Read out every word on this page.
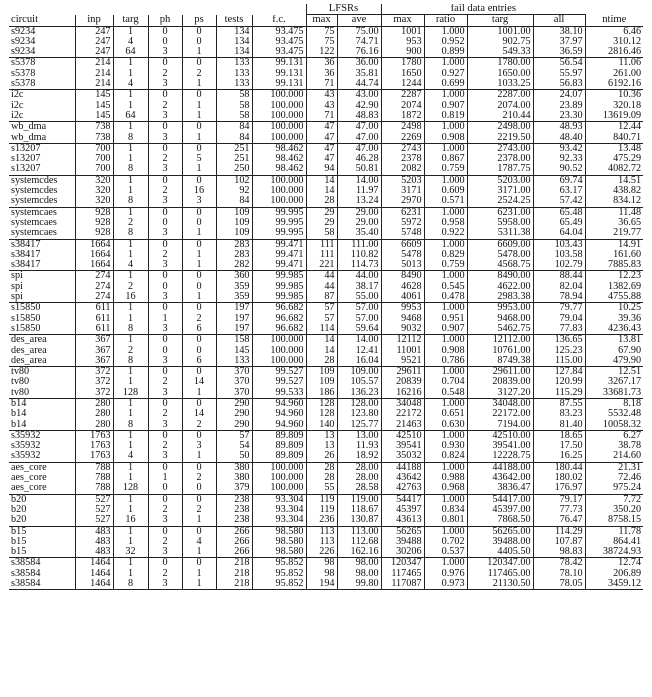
							LFSRs		fail data entries				
circuit	inp	targ	ph	ps	tests	f.c.	max	ave	max	ratio	targ	all	ntime
s9234	247	1	0	0	134	93.475	75	75.00	1001	1.000	1001.00	38.10	6.46
s9234	247	4	0	0	134	93.475	75	74.71	953	0.952	902.75	37.97	310.12
s9234	247	64	3	1	134	93.475	122	76.16	900	0.899	549.33	36.59	2816.46
s5378	214	1	0	0	133	99.131	36	36.00	1780	1.000	1780.00	56.54	11.06
s5378	214	1	2	2	133	99.131	36	35.81	1650	0.927	1650.00	55.97	261.00
s5378	214	4	3	1	133	99.131	71	44.74	1244	0.699	1033.25	56.83	6192.16
i2c	145	1	0	0	58	100.000	43	43.00	2287	1.000	2287.00	24.07	10.36
i2c	145	1	2	1	58	100.000	43	42.90	2074	0.907	2074.00	23.89	320.18
i2c	145	64	3	1	58	100.000	71	48.83	1872	0.819	210.44	23.30	13619.09
wb_dma	738	1	0	0	84	100.000	47	47.00	2498	1.000	2498.00	48.93	12.44
wb_dma	738	8	3	1	84	100.000	47	47.00	2269	0.908	2219.50	48.40	840.71
s13207	700	1	0	0	251	98.462	47	47.00	2743	1.000	2743.00	93.42	13.48
s13207	700	1	2	5	251	98.462	47	46.28	2378	0.867	2378.00	92.33	475.29
s13207	700	8	3	1	250	98.462	94	50.81	2082	0.759	1787.75	90.52	4082.72
systemcdes	320	1	0	0	102	100.000	14	14.00	5203	1.000	5203.00	69.74	14.51
systemcdes	320	1	2	16	92	100.000	14	11.97	3171	0.609	3171.00	63.17	438.82
systemcdes	320	8	3	3	84	100.000	28	13.24	2970	0.571	2524.25	57.42	834.12
systemcaes	928	1	0	0	109	99.995	29	29.00	6231	1.000	6231.00	65.48	11.48
systemcaes	928	2	0	0	109	99.995	29	29.00	5972	0.958	5958.00	65.49	36.65
systemcaes	928	8	3	1	109	99.995	58	35.40	5748	0.922	5311.38	64.04	219.77
s38417	1664	1	0	0	283	99.471	111	111.00	6609	1.000	6609.00	103.43	14.91
s38417	1664	1	2	1	283	99.471	111	110.82	5478	0.829	5478.00	103.58	161.60
s38417	1664	4	3	1	282	99.471	221	114.73	5013	0.759	4568.75	102.79	7885.83
spi	274	1	0	0	360	99.985	44	44.00	8490	1.000	8490.00	88.44	12.23
spi	274	2	0	0	359	99.985	44	38.17	4628	0.545	4622.00	82.04	1382.69
spi	274	16	3	1	359	99.985	87	55.00	4061	0.478	2983.38	78.94	4755.88
s15850	611	1	0	0	197	96.682	57	57.00	9953	1.000	9953.00	79.77	10.25
s15850	611	1	1	2	197	96.682	57	57.00	9468	0.951	9468.00	79.04	39.36
s15850	611	8	3	6	197	96.682	114	59.64	9032	0.907	5462.75	77.83	4236.43
des_area	367	1	0	0	158	100.000	14	14.00	12112	1.000	12112.00	136.65	13.81
des_area	367	2	0	0	145	100.000	14	12.41	11001	0.908	10761.00	125.23	67.90
des_area	367	8	3	6	133	100.000	28	16.04	9521	0.786	8749.38	115.00	479.90
tv80	372	1	0	0	370	99.527	109	109.00	29611	1.000	29611.00	127.84	12.51
tv80	372	1	2	14	370	99.527	109	105.57	20839	0.704	20839.00	120.99	3267.17
tv80	372	128	3	1	370	99.533	186	136.23	16216	0.548	3127.20	115.29	33681.73
b14	280	1	0	0	290	94.960	128	128.00	34048	1.000	34048.00	87.55	8.18
b14	280	1	2	14	290	94.960	128	123.80	22172	0.651	22172.00	83.23	5532.48
b14	280	8	3	2	290	94.960	140	125.77	21463	0.630	7194.00	81.40	10058.32
s35932	1763	1	0	0	57	89.809	13	13.00	42510	1.000	42510.00	18.65	6.27
s35932	1763	1	2	3	54	89.809	13	11.93	39541	0.930	39541.00	17.50	38.78
s35932	1763	4	3	1	50	89.809	26	18.92	35032	0.824	12228.75	16.25	214.60
aes_core	788	1	0	0	380	100.000	28	28.00	44188	1.000	44188.00	180.44	21.31
aes_core	788	1	1	2	380	100.000	28	28.00	43642	0.988	43642.00	180.02	72.46
aes_core	788	128	0	0	379	100.000	55	28.58	42763	0.968	3836.47	176.97	975.24
b20	527	1	0	0	238	93.304	119	119.00	54417	1.000	54417.00	79.17	7.72
b20	527	1	2	2	238	93.304	119	118.67	45397	0.834	45397.00	77.73	350.20
b20	527	16	3	1	238	93.304	236	130.87	43613	0.801	7868.50	76.47	8758.15
b15	483	1	0	0	266	98.580	113	113.00	56265	1.000	56265.00	114.29	11.78
b15	483	1	2	4	266	98.580	113	112.68	39488	0.702	39488.00	107.87	864.41
b15	483	32	3	1	266	98.580	226	162.16	30206	0.537	4405.50	98.83	38724.93
s38584	1464	1	0	0	218	95.852	98	98.00	120347	1.000	120347.00	78.42	12.74
s38584	1464	1	2	1	218	95.852	98	98.00	117465	0.976	117465.00	78.10	206.89
s38584	1464	8	3	1	218	95.852	194	99.80	117087	0.973	21130.50	78.05	3459.12
